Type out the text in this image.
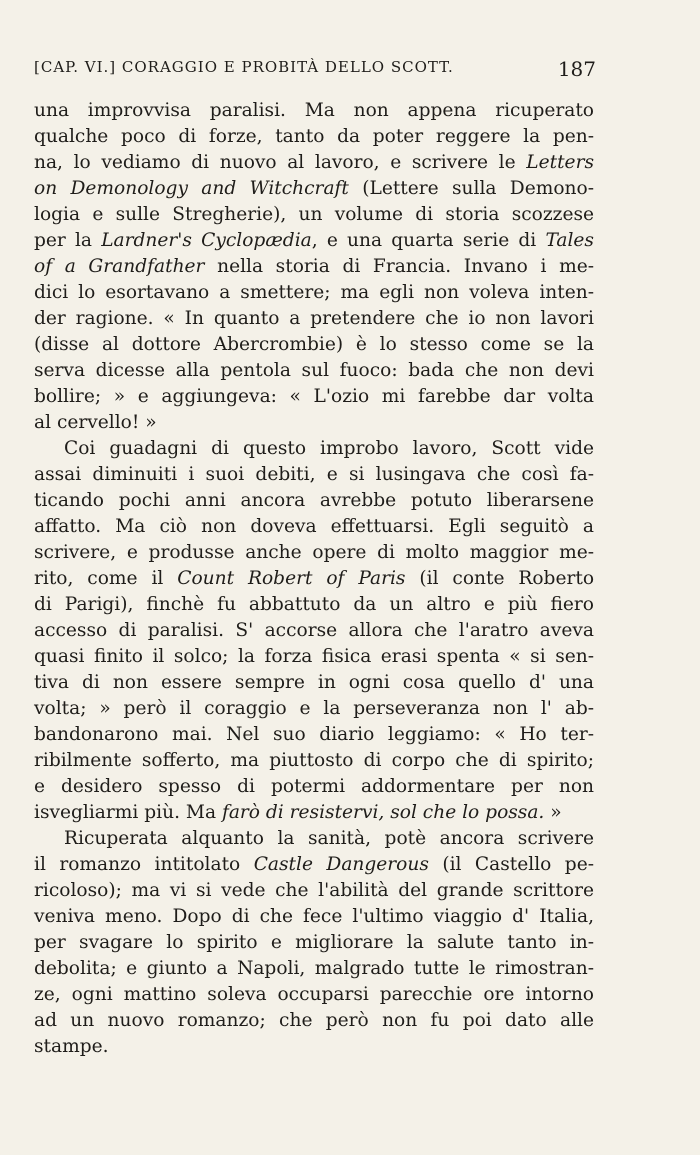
[CAP. VI.] CORAGGIO E PROBITÀ DELLO SCOTT.	187
una improvvisa paralisi. Ma non appena ricuperato
qualche poco di forze, tanto da poter reggere la pen-
na, lo vediamo di nuovo al lavoro, e scrivere le Letters
on Demonology and Witchcraft (Lettere sulla Demono-
logia e sulle Stregherie), un volume di storia scozzese
per la Lardner's Cyclopædia, e una quarta serie di Tales
of a Grandfather nella storia di Francia. Invano i me-
dici lo esortavano a smettere; ma egli non voleva inten-
der ragione. « In quanto a pretendere che io non lavori
(disse al dottore Abercrombie) è lo stesso come se la
serva dicesse alla pentola sul fuoco: bada che non devi
bollire; » e aggiungeva: « L'ozio mi farebbe dar volta
al cervello! »
Coi guadagni di questo improbo lavoro, Scott vide
assai diminuiti i suoi debiti, e si lusingava che così fa-
ticando pochi anni ancora avrebbe potuto liberarsene
affatto. Ma ciò non doveva effettuarsi. Egli seguitò a
scrivere, e produsse anche opere di molto maggior me-
rito, come il Count Robert of Paris (il conte Roberto
di Parigi), finchè fu abbattuto da un altro e più fiero
accesso di paralisi. S' accorse allora che l'aratro aveva
quasi finito il solco; la forza fisica erasi spenta « si sen-
tiva di non essere sempre in ogni cosa quello d' una
volta; » però il coraggio e la perseveranza non l' ab-
bandonarono mai. Nel suo diario leggiamo: « Ho ter-
ribilmente sofferto, ma piuttosto di corpo che di spirito;
e desidero spesso di potermi addormentare per non
isvegliarmi più. Ma farò di resistervi, sol che lo possa. »
Ricuperata alquanto la sanità, potè ancora scrivere
il romanzo intitolato Castle Dangerous (il Castello pe-
ricoloso); ma vi si vede che l'abilità del grande scrittore
veniva meno. Dopo di che fece l'ultimo viaggio d' Italia,
per svagare lo spirito e migliorare la salute tanto in-
debolita; e giunto a Napoli, malgrado tutte le rimostran-
ze, ogni mattino soleva occuparsi parecchie ore intorno
ad un nuovo romanzo; che però non fu poi dato alle
stampe.
